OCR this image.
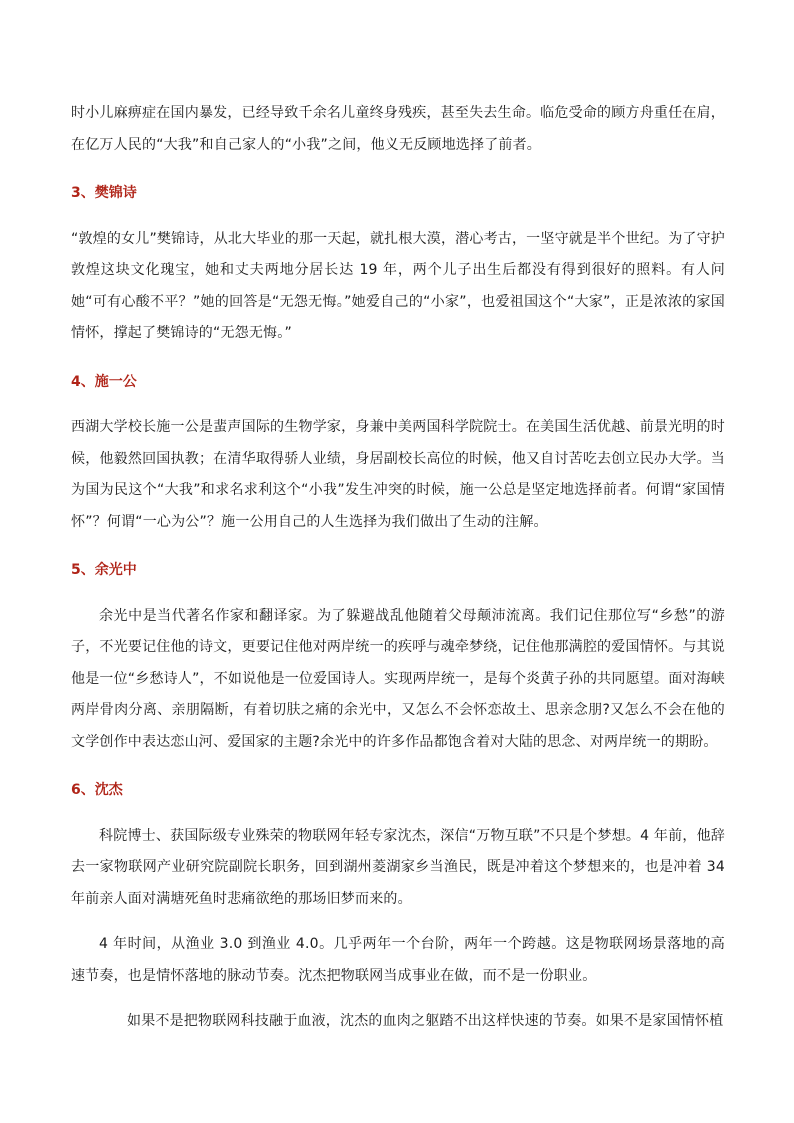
时小儿麻痹症在国内暴发，已经导致千余名儿童终身残疾，甚至失去生命。临危受命的顾方舟重任在肩，在亿万人民的“大我”和自己家人的“小我”之间，他义无反顾地选择了前者。

3、樊锦诗

“敦煌的女儿”樊锦诗，从北大毕业的那一天起，就扎根大漠，潜心考古，一坚守就是半个世纪。为了守护敦煌这块文化瑰宝，她和丈夫两地分居长达 19 年，两个儿子出生后都没有得到很好的照料。有人问她“可有心酸不平？”她的回答是“无怨无悔。”她爱自己的“小家”，也爱祖国这个“大家”，正是浓浓的家国情怀，撑起了樊锦诗的“无怨无悔。”

4、施一公

西湖大学校长施一公是蜚声国际的生物学家，身兼中美两国科学院院士。在美国生活优越、前景光明的时候，他毅然回国执教；在清华取得骄人业绩，身居副校长高位的时候，他又自讨苦吃去创立民办大学。当为国为民这个“大我”和求名求利这个“小我”发生冲突的时候，施一公总是坚定地选择前者。何谓“家国情怀”？何谓“一心为公”？施一公用自己的人生选择为我们做出了生动的注解。

5、余光中

余光中是当代著名作家和翻译家。为了躲避战乱他随着父母颠沛流离。我们记住那位写“乡愁”的游子，不光要记住他的诗文，更要记住他对两岸统一的疾呼与魂牵梦绕，记住他那满腔的爱国情怀。与其说他是一位“乡愁诗人”，不如说他是一位爱国诗人。实现两岸统一，是每个炎黄子孙的共同愿望。面对海峡两岸骨肉分离、亲朋隔断，有着切肤之痛的余光中，又怎么不会怀恋故土、思亲念朋?又怎么不会在他的文学创作中表达恋山河、爱国家的主题?余光中的许多作品都饱含着对大陆的思念、对两岸统一的期盼。

6、沈杰

科院博士、获国际级专业殊荣的物联网年轻专家沈杰，深信“万物互联”不只是个梦想。4 年前，他辞去一家物联网产业研究院副院长职务，回到湖州菱湖家乡当渔民，既是冲着这个梦想来的，也是冲着 34 年前亲人面对满塘死鱼时悲痛欲绝的那场旧梦而来的。

4 年时间，从渔业 3.0 到渔业 4.0。几乎两年一个台阶，两年一个跨越。这是物联网场景落地的高速节奏，也是情怀落地的脉动节奏。沈杰把物联网当成事业在做，而不是一份职业。

如果不是把物联网科技融于血液，沈杰的血肉之躯踏不出这样快速的节奏。如果不是家国情怀植
